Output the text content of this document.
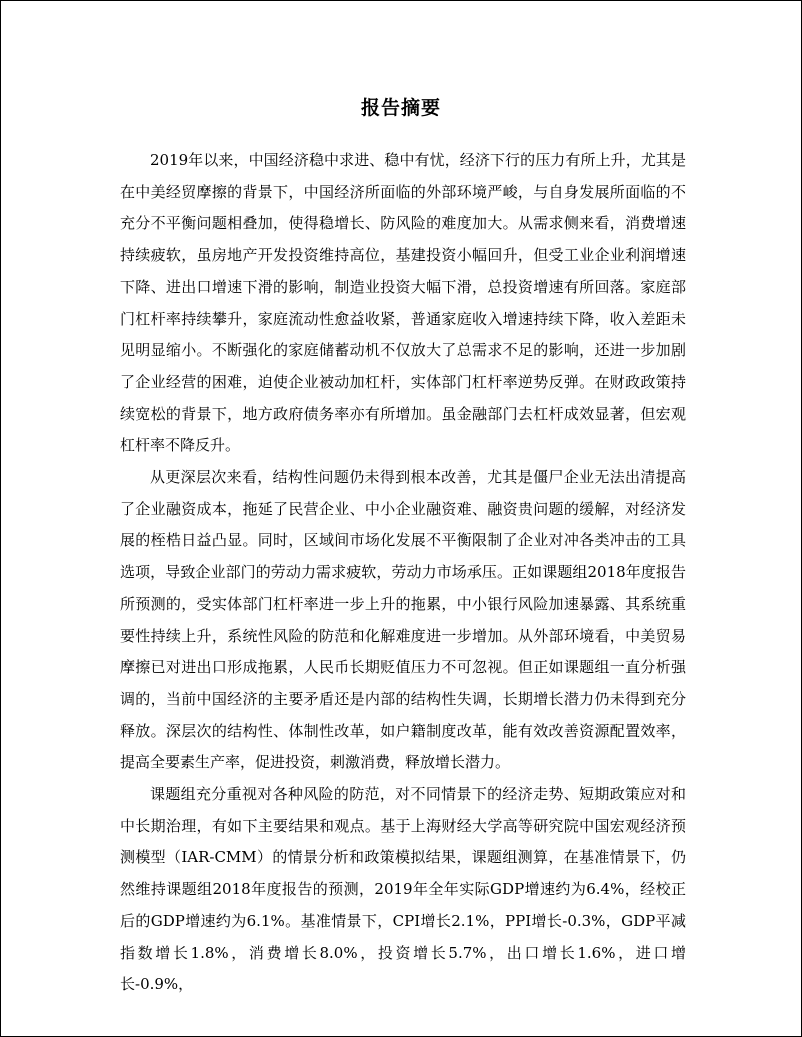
报告摘要

2019年以来，中国经济稳中求进、稳中有忧，经济下行的压力有所上升，尤其是在中美经贸摩擦的背景下，中国经济所面临的外部环境严峻，与自身发展所面临的不充分不平衡问题相叠加，使得稳增长、防风险的难度加大。从需求侧来看，消费增速持续疲软，虽房地产开发投资维持高位，基建投资小幅回升，但受工业企业利润增速下降、进出口增速下滑的影响，制造业投资大幅下滑，总投资增速有所回落。家庭部门杠杆率持续攀升，家庭流动性愈益收紧，普通家庭收入增速持续下降，收入差距未见明显缩小。不断强化的家庭储蓄动机不仅放大了总需求不足的影响，还进一步加剧了企业经营的困难，迫使企业被动加杠杆，实体部门杠杆率逆势反弹。在财政政策持续宽松的背景下，地方政府债务率亦有所增加。虽金融部门去杠杆成效显著，但宏观杠杆率不降反升。

从更深层次来看，结构性问题仍未得到根本改善，尤其是僵尸企业无法出清提高了企业融资成本，拖延了民营企业、中小企业融资难、融资贵问题的缓解，对经济发展的桎梏日益凸显。同时，区域间市场化发展不平衡限制了企业对冲各类冲击的工具选项，导致企业部门的劳动力需求疲软，劳动力市场承压。正如课题组2018年度报告所预测的，受实体部门杠杆率进一步上升的拖累，中小银行风险加速暴露、其系统重要性持续上升，系统性风险的防范和化解难度进一步增加。从外部环境看，中美贸易摩擦已对进出口形成拖累，人民币长期贬值压力不可忽视。但正如课题组一直分析强调的，当前中国经济的主要矛盾还是内部的结构性失调，长期增长潜力仍未得到充分释放。深层次的结构性、体制性改革，如户籍制度改革，能有效改善资源配置效率，提高全要素生产率，促进投资，刺激消费，释放增长潜力。

课题组充分重视对各种风险的防范，对不同情景下的经济走势、短期政策应对和中长期治理，有如下主要结果和观点。基于上海财经大学高等研究院中国宏观经济预测模型（IAR-CMM）的情景分析和政策模拟结果，课题组测算，在基准情景下，仍然维持课题组2018年度报告的预测，2019年全年实际GDP增速约为6.4%，经校正后的GDP增速约为6.1%。基准情景下，CPI增长2.1%，PPI增长-0.3%，GDP平减指数增长1.8%，消费增长8.0%，投资增长5.7%，出口增长1.6%，进口增长-0.9%，
